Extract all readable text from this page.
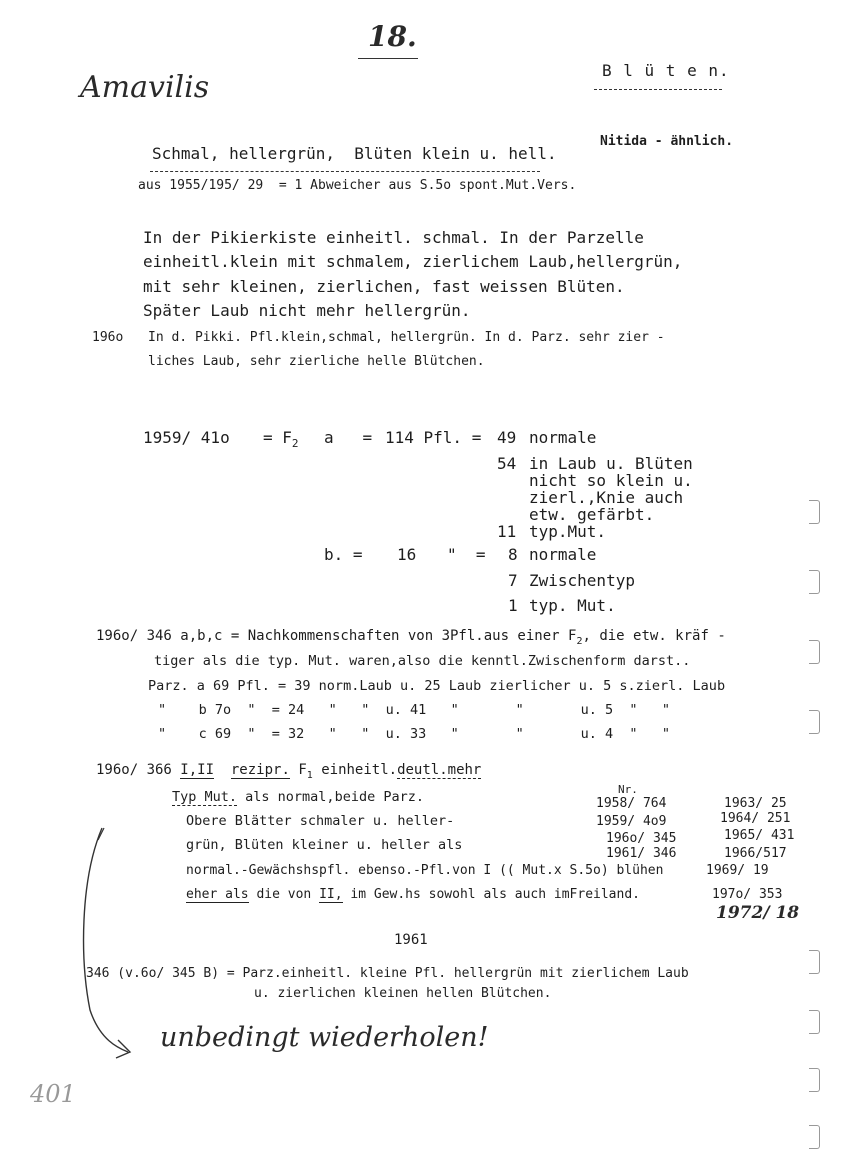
18.
Amavilis	B l ü t e n.
Nitida - ähnlich.
Schmal, hellergrün,  Blüten klein u. hell.
aus 1955/195/ 29  = 1 Abweicher aus S.5o spont.Mut.Vers.
In der Pikierkiste einheitl. schmal. In der Parzelle
einheitl.klein mit schmalem, zierlichem Laub,hellergrün,
mit sehr kleinen, zierlichen, fast weissen Blüten.
Später Laub nicht mehr hellergrün.
196o In d. Pikki. Pfl.klein,schmal, hellergrün. In d. Parz. sehr zier -
liches Laub, sehr zierliche helle Blütchen.
1959/ $41o = F_2$ a   = 114 Pfl. = 49 normale
54 in Laub u. Blüten
nicht so klein u.
zierl.,Knie auch
etw. gefärbt.
11 typ.Mut.
b. = 16 "  = 8 normale
7 Zwischentyp
1 typ. Mut.
196o/ 346 a,b,c = Nachkommenschaften von 3Pfl.aus einer $F_2$, die etw. kräf -
tiger als die typ. Mut. waren,also die kenntl.Zwischenform darst..
Parz. a 69 Pfl. = 39 norm.Laub u. 25 Laub zierlicher u. 5 s.zierl. Laub
"    b 7o  "  = 24   "   "  u. 41   "       "       u. 5  "   "
"    c 69  "  = 32   "   "  u. 33   "       "       u. 4  "   "
196o/ 366 I,II rezipr. $F_1$ einheitl.deutl.mehr
Typ Mut. als normal,beide Parz.
Obere Blätter schmaler u. heller-
grün, Blüten kleiner u. heller als
normal.-Gewächshspfl. ebenso.-Pfl.von I (( Mut.x S.5o) blühen
eher als die von II, im Gew.hs sowohl als auch imFreiland.
Nr.
1958/ 764
1959/ 4o9
196o/ 345
1961/ 346
1969/ 19
1963/ 25
1964/ 251
1965/ 431
1966/517
197o/ 353
1972/ 18
1961
346 (v.6o/ 345 B) = Parz.einheitl. kleine Pfl. hellergrün mit zierlichem Laub
u. zierlichen kleinen hellen Blütchen.
unbedingt wiederholen!
401
